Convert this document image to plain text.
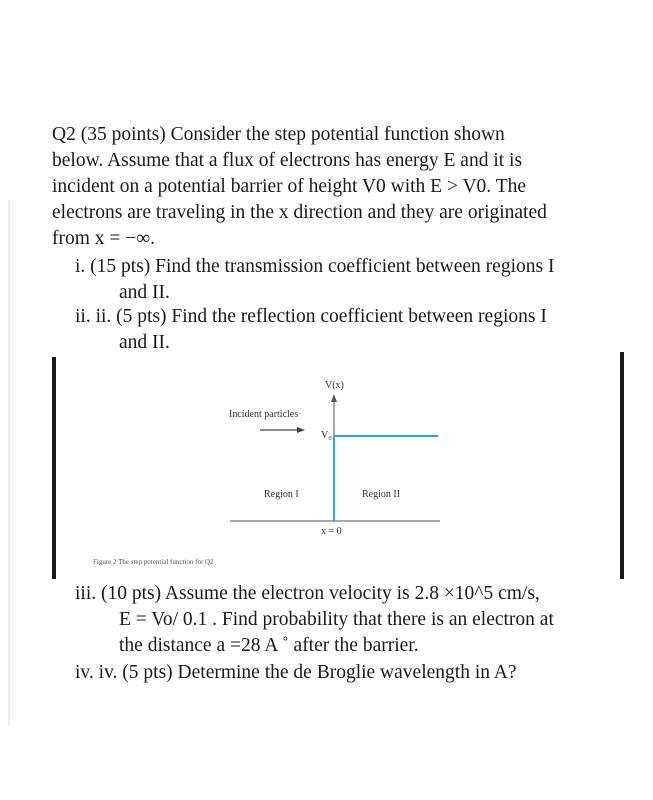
Q2 (35 points) Consider the step potential function shown

below. Assume that a flux of electrons has energy E and it is

incident on a potential barrier of height V0 with E > V0. The

electrons are traveling in the x direction and they are originated

from x = −∞.

i. (15 pts) Find the transmission coefficient between regions I
and II.
ii. ii. (5 pts) Find the reflection coefficient between regions I
and II.
V(x)
Incident particles
V₀
Region I	Region II
x = 0
Figure 2 The step potential function for Q2
iii. (10 pts) Assume the electron velocity is 2.8 ×10^5 cm/s,
E = Vo/ 0.1 . Find probability that there is an electron at
the distance a =28 A ˚ after the barrier.
iv. iv. (5 pts) Determine the de Broglie wavelength in A?
